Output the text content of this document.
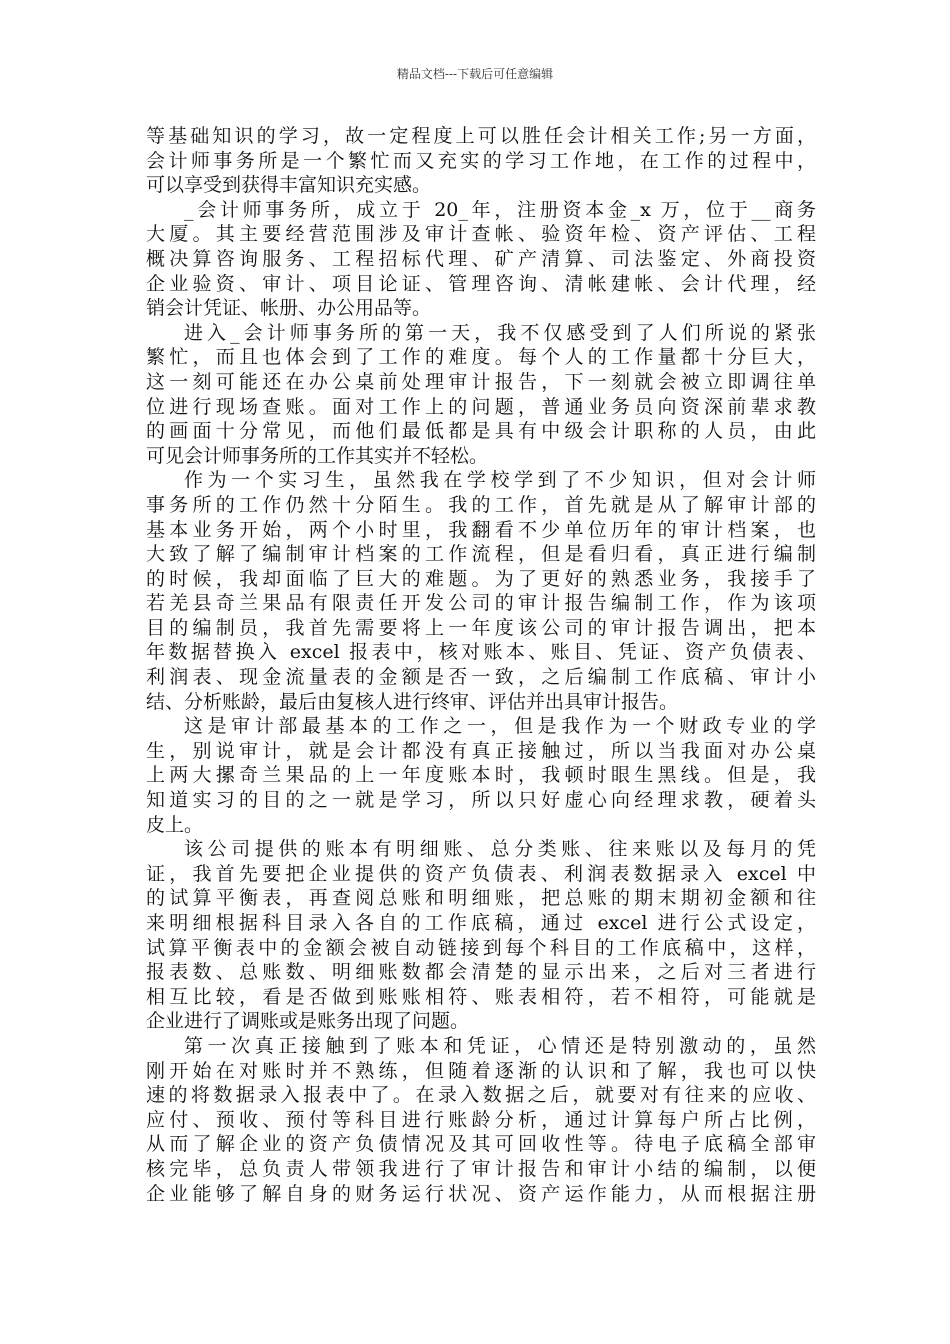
精品文档---下载后可任意编辑
等基础知识的学习，故一定程度上可以胜任会计相关工作;另一方面，
会计师事务所是一个繁忙而又充实的学习工作地，在工作的过程中，
可以享受到获得丰富知识充实感。
_会计师事务所，成立于 20_年，注册资本金_x 万，位于__商务
大厦。其主要经营范围涉及审计查帐、验资年检、资产评估、工程
概决算咨询服务、工程招标代理、矿产清算、司法鉴定、外商投资
企业验资、审计、项目论证、管理咨询、清帐建帐、会计代理，经
销会计凭证、帐册、办公用品等。
进入_会计师事务所的第一天，我不仅感受到了人们所说的紧张
繁忙，而且也体会到了工作的难度。每个人的工作量都十分巨大，
这一刻可能还在办公桌前处理审计报告，下一刻就会被立即调往单
位进行现场查账。面对工作上的问题，普通业务员向资深前辈求教
的画面十分常见，而他们最低都是具有中级会计职称的人员，由此
可见会计师事务所的工作其实并不轻松。
作为一个实习生，虽然我在学校学到了不少知识，但对会计师
事务所的工作仍然十分陌生。我的工作，首先就是从了解审计部的
基本业务开始，两个小时里，我翻看不少单位历年的审计档案，也
大致了解了编制审计档案的工作流程，但是看归看，真正进行编制
的时候，我却面临了巨大的难题。为了更好的熟悉业务，我接手了
若羌县奇兰果品有限责任开发公司的审计报告编制工作，作为该项
目的编制员，我首先需要将上一年度该公司的审计报告调出，把本
年数据替换入 excel 报表中，核对账本、账目、凭证、资产负债表、
利润表、现金流量表的金额是否一致，之后编制工作底稿、审计小
结、分析账龄，最后由复核人进行终审、评估并出具审计报告。
这是审计部最基本的工作之一，但是我作为一个财政专业的学
生，别说审计，就是会计都没有真正接触过，所以当我面对办公桌
上两大摞奇兰果品的上一年度账本时，我顿时眼生黑线。但是，我
知道实习的目的之一就是学习，所以只好虚心向经理求教，硬着头
皮上。
该公司提供的账本有明细账、总分类账、往来账以及每月的凭
证，我首先要把企业提供的资产负债表、利润表数据录入 excel 中
的试算平衡表，再查阅总账和明细账，把总账的期末期初金额和往
来明细根据科目录入各自的工作底稿，通过 excel 进行公式设定，
试算平衡表中的金额会被自动链接到每个科目的工作底稿中，这样，
报表数、总账数、明细账数都会清楚的显示出来，之后对三者进行
相互比较，看是否做到账账相符、账表相符，若不相符，可能就是
企业进行了调账或是账务出现了问题。
第一次真正接触到了账本和凭证，心情还是特别激动的，虽然
刚开始在对账时并不熟练，但随着逐渐的认识和了解，我也可以快
速的将数据录入报表中了。在录入数据之后，就要对有往来的应收、
应付、预收、预付等科目进行账龄分析，通过计算每户所占比例，
从而了解企业的资产负债情况及其可回收性等。待电子底稿全部审
核完毕，总负责人带领我进行了审计报告和审计小结的编制，以便
企业能够了解自身的财务运行状况、资产运作能力，从而根据注册
